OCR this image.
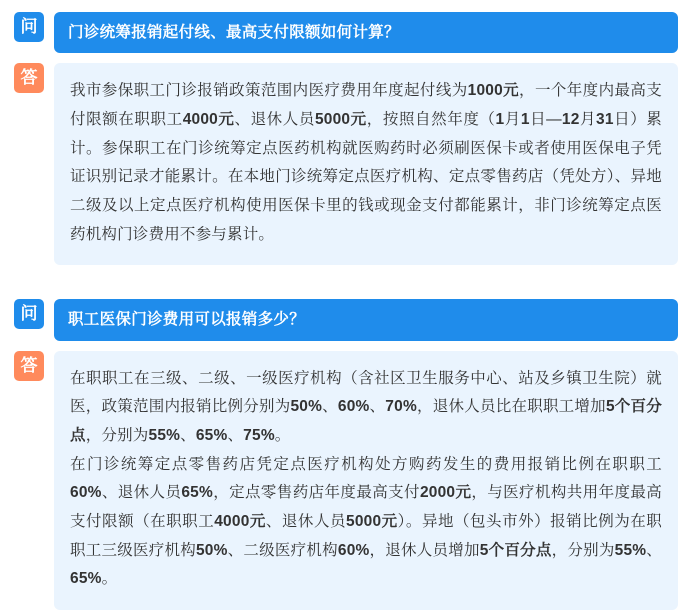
问	门诊统筹报销起付线、最高支付限额如何计算？
答

我市参保职工门诊报销政策范围内医疗费用年度起付线为1000元，一个年度内最高支付限额在职职工4000元、退休人员5000元，按照自然年度（1月1日—12月31日）累计。参保职工在门诊统筹定点医药机构就医购药时必须刷医保卡或者使用医保电子凭证识别记录才能累计。在本地门诊统筹定点医疗机构、定点零售药店（凭处方）、异地二级及以上定点医疗机构使用医保卡里的钱或现金支付都能累计，非门诊统筹定点医药机构门诊费用不参与累计。

问	职工医保门诊费用可以报销多少？
答

在职职工在三级、二级、一级医疗机构（含社区卫生服务中心、站及乡镇卫生院）就医，政策范围内报销比例分别为50%、60%、70%，退休人员比在职职工增加5个百分点，分别为55%、65%、75%。

在门诊统筹定点零售药店凭定点医疗机构处方购药发生的费用报销比例在职职工60%、退休人员65%，定点零售药店年度最高支付2000元，与医疗机构共用年度最高支付限额（在职职工4000元、退休人员5000元）。异地（包头市外）报销比例为在职职工三级医疗机构50%、二级医疗机构60%，退休人员增加5个百分点，分别为55%、65%。
